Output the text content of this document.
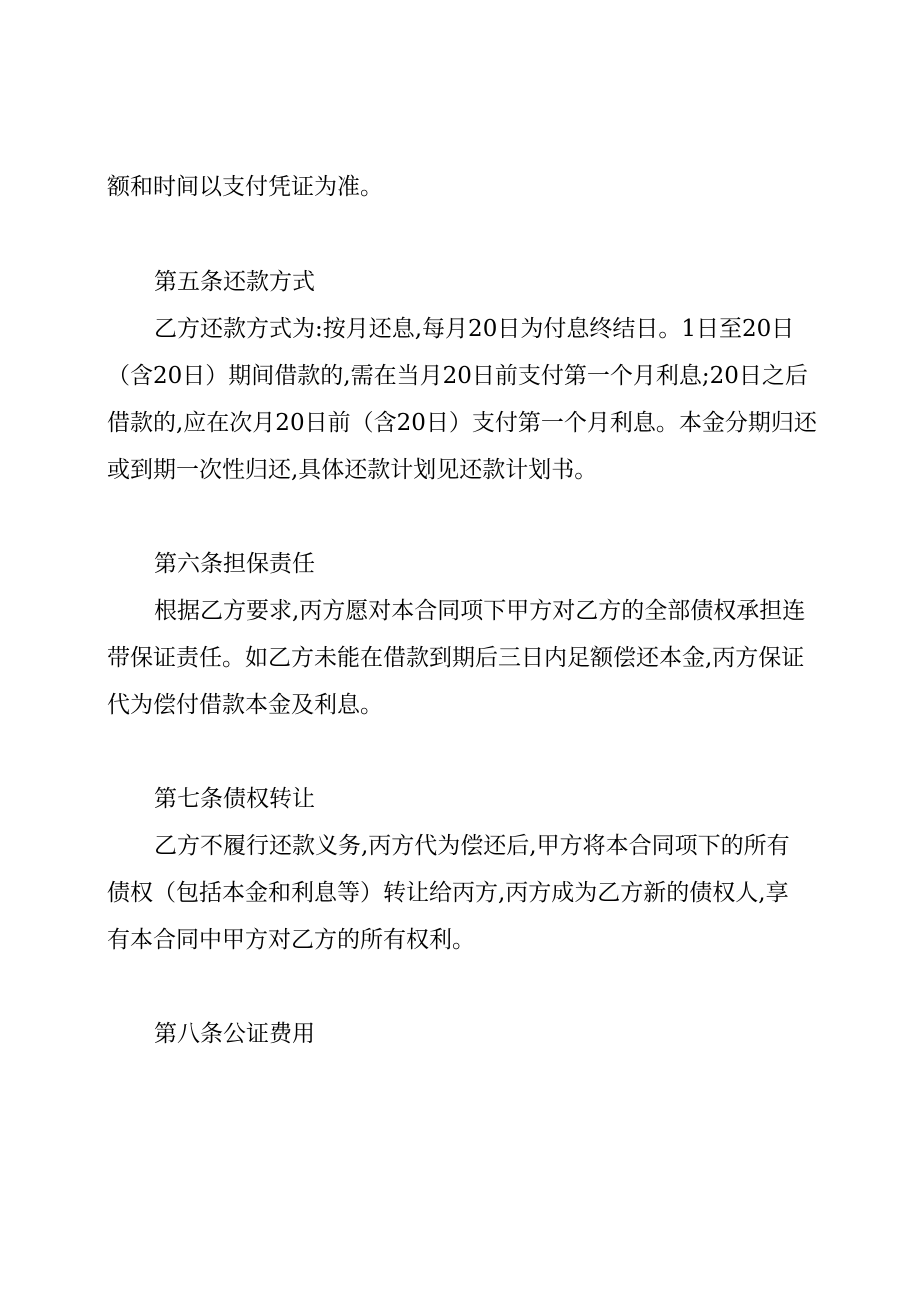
额和时间以支付凭证为准。
第五条还款方式
乙方还款方式为:按月还息,每月20日为付息终结日。1日至20日
（含20日）期间借款的,需在当月20日前支付第一个月利息;20日之后
借款的,应在次月20日前（含20日）支付第一个月利息。本金分期归还
或到期一次性归还,具体还款计划见还款计划书。
第六条担保责任
根据乙方要求,丙方愿对本合同项下甲方对乙方的全部债权承担连
带保证责任。如乙方未能在借款到期后三日内足额偿还本金,丙方保证
代为偿付借款本金及利息。
第七条债权转让
乙方不履行还款义务,丙方代为偿还后,甲方将本合同项下的所有
债权（包括本金和利息等）转让给丙方,丙方成为乙方新的债权人,享
有本合同中甲方对乙方的所有权利。
第八条公证费用
